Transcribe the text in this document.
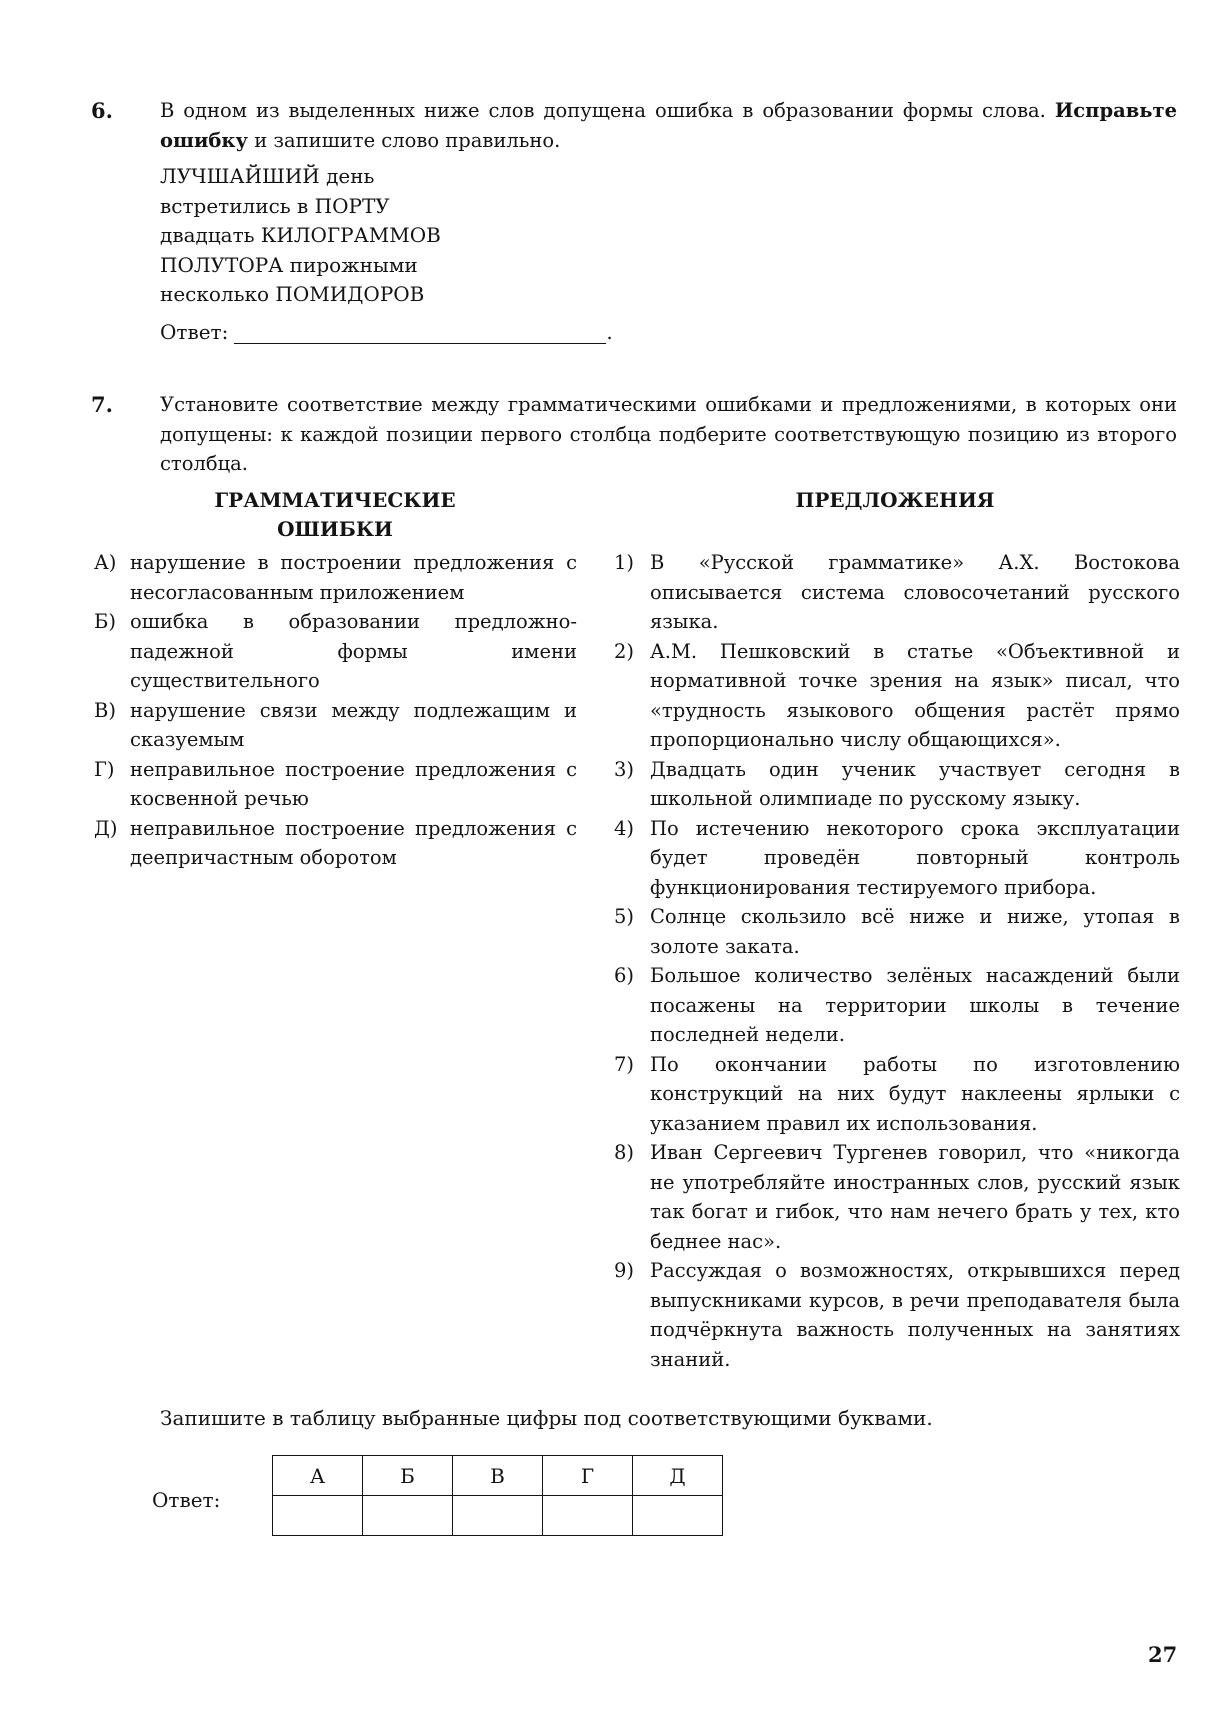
6. В одном из выделенных ниже слов допущена ошибка в образовании формы слова. Исправьте ошибку и запишите слово правильно.
ЛУЧШАЙШИЙ день
встретились в ПОРТУ
двадцать КИЛОГРАММОВ
ПОЛУТОРА пирожными
несколько ПОМИДОРОВ
Ответ:	.
7. Установите соответствие между грамматическими ошибками и предложениями, в которых они допущены: к каждой позиции первого столбца подберите соответствующую позицию из второго столбца.
ГРАММАТИЧЕСКИЕ ОШИБКИ
ПРЕДЛОЖЕНИЯ
А) нарушение в построении предложения с несогласованным приложением
Б) ошибка в образовании предложно-падежной формы имени существительного
В) нарушение связи между подлежащим и сказуемым
Г) неправильное построение предложения с косвенной речью
Д) неправильное построение предложения с деепричастным оборотом
1) В «Русской грамматике» А.Х. Востокова описывается система словосочетаний русского языка.
2) А.М. Пешковский в статье «Объективной и нормативной точке зрения на язык» писал, что «трудность языкового общения растёт прямо пропорционально числу общающихся».
3) Двадцать один ученик участвует сегодня в школьной олимпиаде по русскому языку.
4) По истечению некоторого срока эксплуатации будет проведён повторный контроль функционирования тестируемого прибора.
5) Солнце скользило всё ниже и ниже, утопая в золоте заката.
6) Большое количество зелёных насаждений были посажены на территории школы в течение последней недели.
7) По окончании работы по изготовлению конструкций на них будут наклеены ярлыки с указанием правил их использования.
8) Иван Сергеевич Тургенев говорил, что «никогда не употребляйте иностранных слов, русский язык так богат и гибок, что нам нечего брать у тех, кто беднее нас».
9) Рассуждая о возможностях, открывшихся перед выпускниками курсов, в речи преподавателя была подчёркнута важность полученных на занятиях знаний.
Запишите в таблицу выбранные цифры под соответствующими буквами.
Ответ:
А	Б	В	Г	Д

27
